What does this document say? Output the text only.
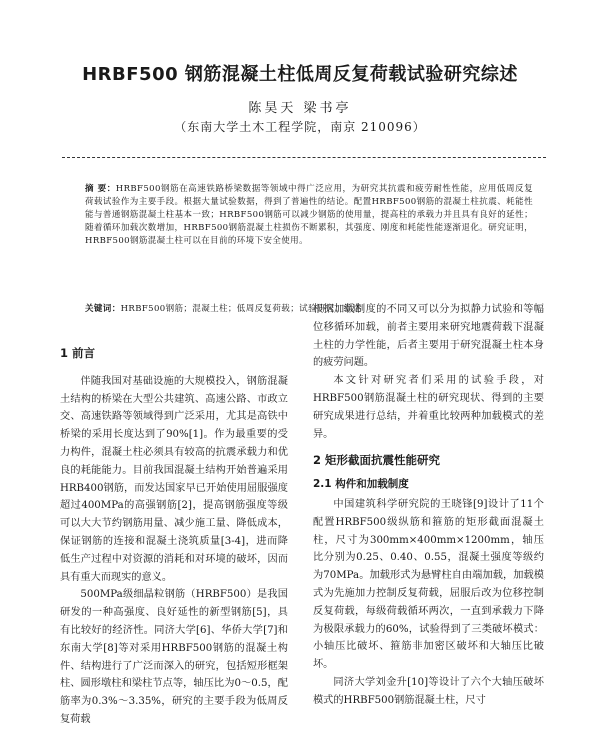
HRBF500 钢筋混凝土柱低周反复荷载试验研究综述
陈昊天 梁书亭
（东南大学土木工程学院，南京 210096）
摘 要：HRBF500钢筋在高速铁路桥梁数据等领域中得广泛应用，为研究其抗震和疲劳耐性性能，应用低周反复荷载试验作为主要手段。根据大量试验数据，得到了普遍性的结论。配置HRBF500钢筋的混凝土柱抗震、耗能性能与普通钢筋混凝土柱基本一致；HRBF500钢筋可以减少钢筋的使用量，提高柱的承载力并且具有良好的延性；随着循环加载次数增加，HRBF500钢筋混凝土柱损伤不断累积，其强度、刚度和耗能性能逐渐退化。研究证明，HRBF500钢筋混凝土柱可以在目前的环境下安全使用。
关键词：HRBF500钢筋；混凝土柱；低周反复荷载；试验研究；综述
1 前言

伴随我国对基础设施的大规模投入，钢筋混凝土结构的桥梁在大型公共建筑、高速公路、市政立交、高速铁路等领域得到广泛采用，尤其是高铁中桥梁的采用长度达到了90%[1]。作为最重要的受力构件，混凝土柱必须具有较高的抗震承载力和优良的耗能能力。目前我国混凝土结构开始普遍采用HRB400钢筋，而发达国家早已开始使用屈服强度超过400MPa的高强钢筋[2]，提高钢筋强度等级可以大大节约钢筋用量、减少施工量、降低成本，保证钢筋的连接和混凝土浇筑质量[3-4]，进而降低生产过程中对资源的消耗和对环境的破坏，因而具有重大而现实的意义。

500MPa级细晶粒钢筋（HRBF500）是我国研发的一种高强度、良好延性的新型钢筋[5]，具有比较好的经济性。同济大学[6]、华侨大学[7]和东南大学[8]等对采用HRBF500钢筋的混凝土构件、结构进行了广泛而深入的研究，包括短形框架柱、圆形墩柱和梁柱节点等，轴压比为0～0.5，配筋率为0.3%～3.35%，研究的主要手段为低周反复荷载

根据加载制度的不同又可以分为拟静力试验和等幅位移循环加载，前者主要用来研究地震荷载下混凝土柱的力学性能，后者主要用于研究混凝土柱本身的疲劳问题。

本文针对研究者们采用的试验手段，对HRBF500钢筋混凝土柱的研究现状、得到的主要研究成果进行总结，并着重比较两种加载模式的差异。

2 矩形截面抗震性能研究
2.1 构件和加载制度

中国建筑科学研究院的王晓锋[9]设计了11个配置HRBF500级纵筋和箍筋的矩形截面混凝土柱，尺寸为300mm×400mm×1200mm，轴压比分别为0.25、0.40、0.55，混凝土强度等级约为70MPa。加载形式为悬臂柱自由端加载，加载模式为先施加力控制反复荷载，屈服后改为位移控制反复荷载，每级荷载循环两次，一直到承载力下降为极限承载力的60%，试验得到了三类破坏模式：小轴压比破坏、箍筋非加密区破坏和大轴压比破坏。

同济大学刘金升[10]等设计了六个大轴压破坏模式的HRBF500钢筋混凝土柱，尺寸
